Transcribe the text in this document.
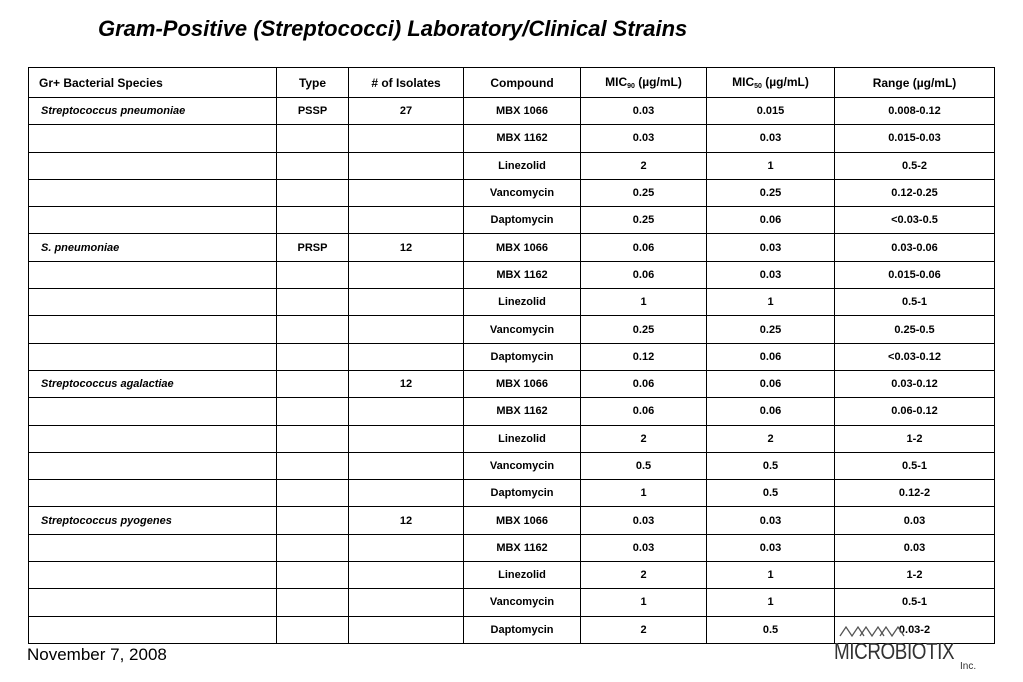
Gram-Positive (Streptococci) Laboratory/Clinical Strains
Gr+ Bacterial Species	Type	# of Isolates	Compound	$MIC_{90}$ (µg/mL)	$MIC_{50}$ (µg/mL)	Range (µg/mL)
Streptococcus pneumoniae	PSSP	27	MBX 1066	0.03	0.015	0.008-0.12
			MBX 1162	0.03	0.03	0.015-0.03
			Linezolid	2	1	0.5-2
			Vancomycin	0.25	0.25	0.12-0.25
			Daptomycin	0.25	0.06	<0.03-0.5
S. pneumoniae	PRSP	12	MBX 1066	0.06	0.03	0.03-0.06
			MBX 1162	0.06	0.03	0.015-0.06
			Linezolid	1	1	0.5-1
			Vancomycin	0.25	0.25	0.25-0.5
			Daptomycin	0.12	0.06	<0.03-0.12
Streptococcus agalactiae		12	MBX 1066	0.06	0.06	0.03-0.12
			MBX 1162	0.06	0.06	0.06-0.12
			Linezolid	2	2	1-2
			Vancomycin	0.5	0.5	0.5-1
			Daptomycin	1	0.5	0.12-2
Streptococcus pyogenes		12	MBX 1066	0.03	0.03	0.03
			MBX 1162	0.03	0.03	0.03
			Linezolid	2	1	1-2
			Vancomycin	1	1	0.5-1
			Daptomycin	2	0.5	0.03-2
November 7, 2008	MICROBIOTIX
Inc.
